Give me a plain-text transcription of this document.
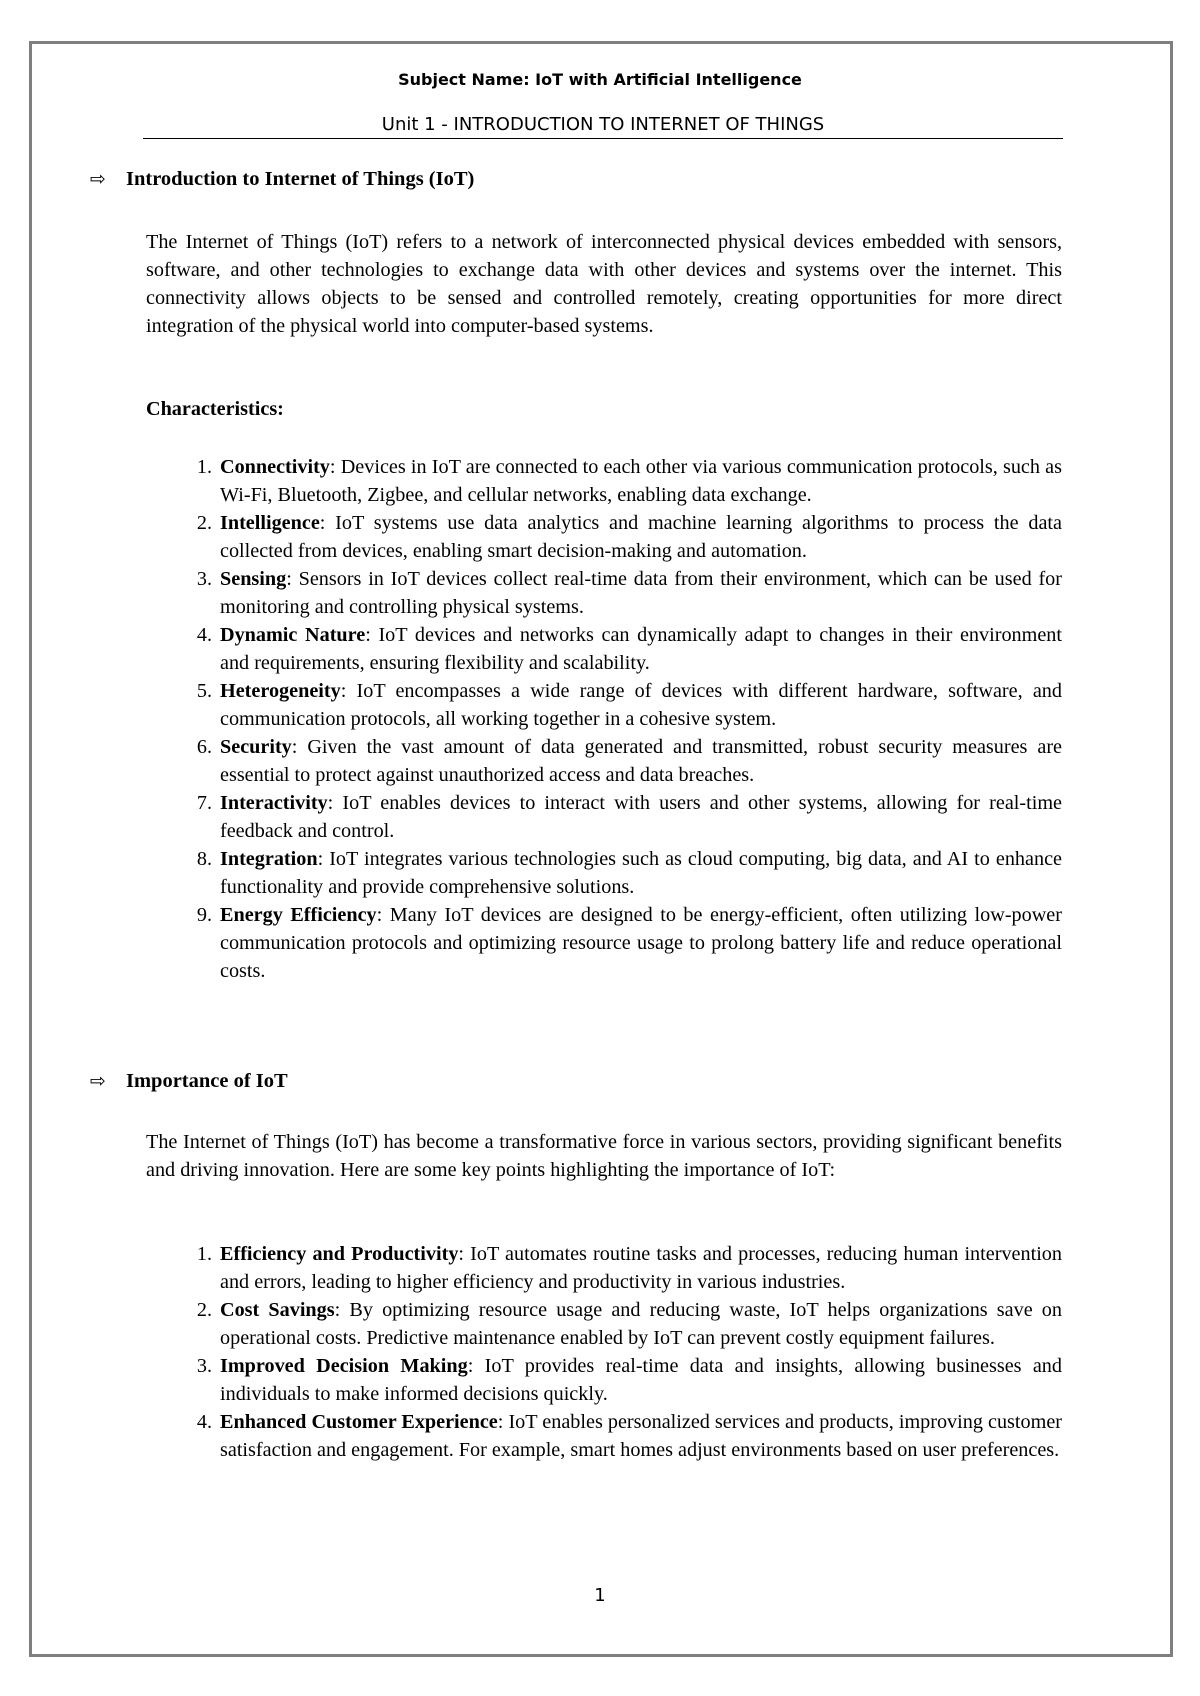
Subject Name: IoT with Artificial Intelligence
Unit 1 - INTRODUCTION TO INTERNET OF THINGS
⇨ Introduction to Internet of Things (IoT)
The Internet of Things (IoT) refers to a network of interconnected physical devices embedded with sensors, software, and other technologies to exchange data with other devices and systems over the internet. This connectivity allows objects to be sensed and controlled remotely, creating opportunities for more direct integration of the physical world into computer-based systems.
Characteristics:
1. Connectivity: Devices in IoT are connected to each other via various communication protocols, such as Wi-Fi, Bluetooth, Zigbee, and cellular networks, enabling data exchange.
2. Intelligence: IoT systems use data analytics and machine learning algorithms to process the data collected from devices, enabling smart decision-making and automation.
3. Sensing: Sensors in IoT devices collect real-time data from their environment, which can be used for monitoring and controlling physical systems.
4. Dynamic Nature: IoT devices and networks can dynamically adapt to changes in their environment and requirements, ensuring flexibility and scalability.
5. Heterogeneity: IoT encompasses a wide range of devices with different hardware, software, and communication protocols, all working together in a cohesive system.
6. Security: Given the vast amount of data generated and transmitted, robust security measures are essential to protect against unauthorized access and data breaches.
7. Interactivity: IoT enables devices to interact with users and other systems, allowing for real-time feedback and control.
8. Integration: IoT integrates various technologies such as cloud computing, big data, and AI to enhance functionality and provide comprehensive solutions.
9. Energy Efficiency: Many IoT devices are designed to be energy-efficient, often utilizing low-power communication protocols and optimizing resource usage to prolong battery life and reduce operational costs.
⇨ Importance of IoT
The Internet of Things (IoT) has become a transformative force in various sectors, providing significant benefits and driving innovation. Here are some key points highlighting the importance of IoT:
1. Efficiency and Productivity: IoT automates routine tasks and processes, reducing human intervention and errors, leading to higher efficiency and productivity in various industries.
2. Cost Savings: By optimizing resource usage and reducing waste, IoT helps organizations save on operational costs. Predictive maintenance enabled by IoT can prevent costly equipment failures.
3. Improved Decision Making: IoT provides real-time data and insights, allowing businesses and individuals to make informed decisions quickly.
4. Enhanced Customer Experience: IoT enables personalized services and products, improving customer satisfaction and engagement. For example, smart homes adjust environments based on user preferences.
1
